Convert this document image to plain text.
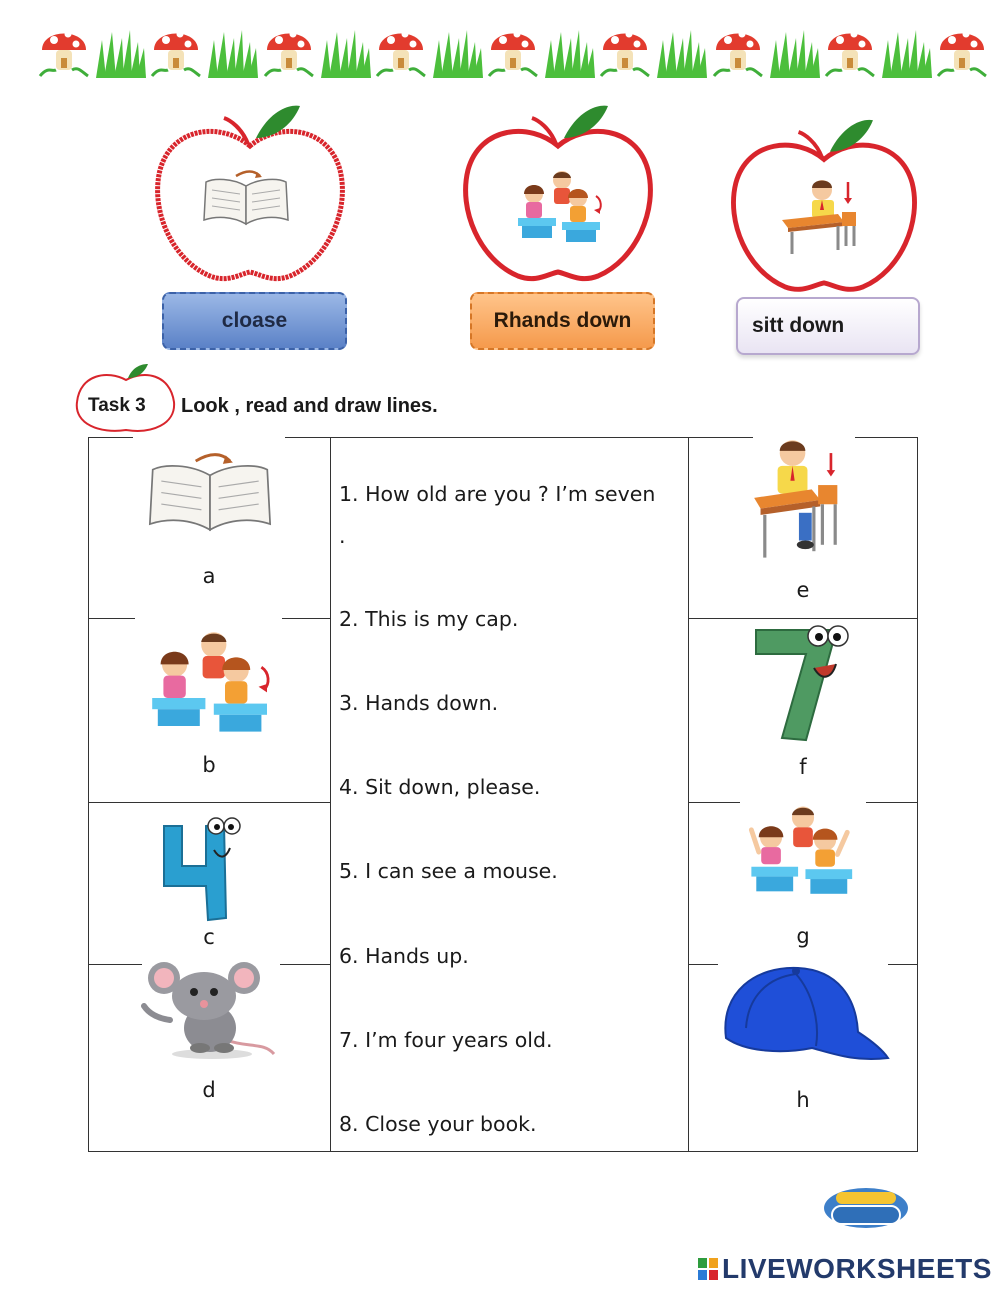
cloase	Rhands down	sitt down
Task 3 Look , read and draw lines.
a
b
c
d
1. How old are you ? I’m seven
.
2. This is my cap.
3. Hands down.
4. Sit down, please.
5. I can see a mouse.
6. Hands up.
7. I’m four years old.
8. Close your book.
e
f
g
h
LIVEWORKSHEETS
